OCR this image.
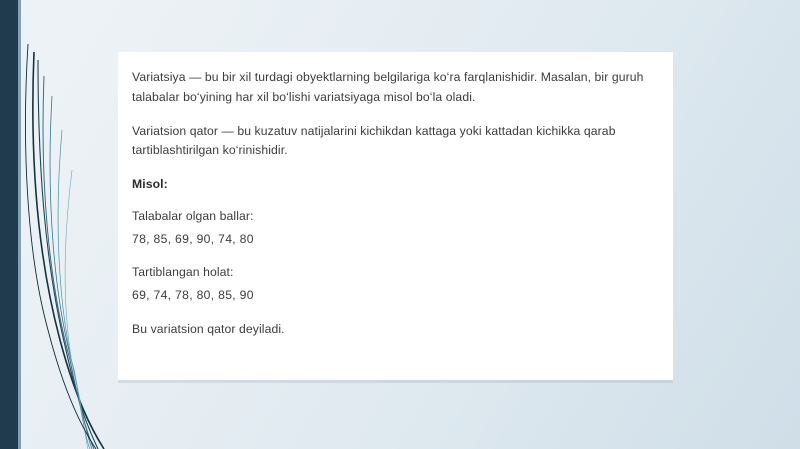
Variatsiya — bu bir xil turdagi obyektlarning belgilariga ko‘ra farqlanishidir. Masalan, bir guruh talabalar bo‘yining har xil bo‘lishi variatsiyaga misol bo‘la oladi.

Variatsion qator — bu kuzatuv natijalarini kichikdan kattaga yoki kattadan kichikka qarab tartiblashtirilgan ko‘rinishidir.

Misol:

Talabalar olgan ballar:

78, 85, 69, 90, 74, 80

Tartiblangan holat:

69, 74, 78, 80, 85, 90

Bu variatsion qator deyiladi.
